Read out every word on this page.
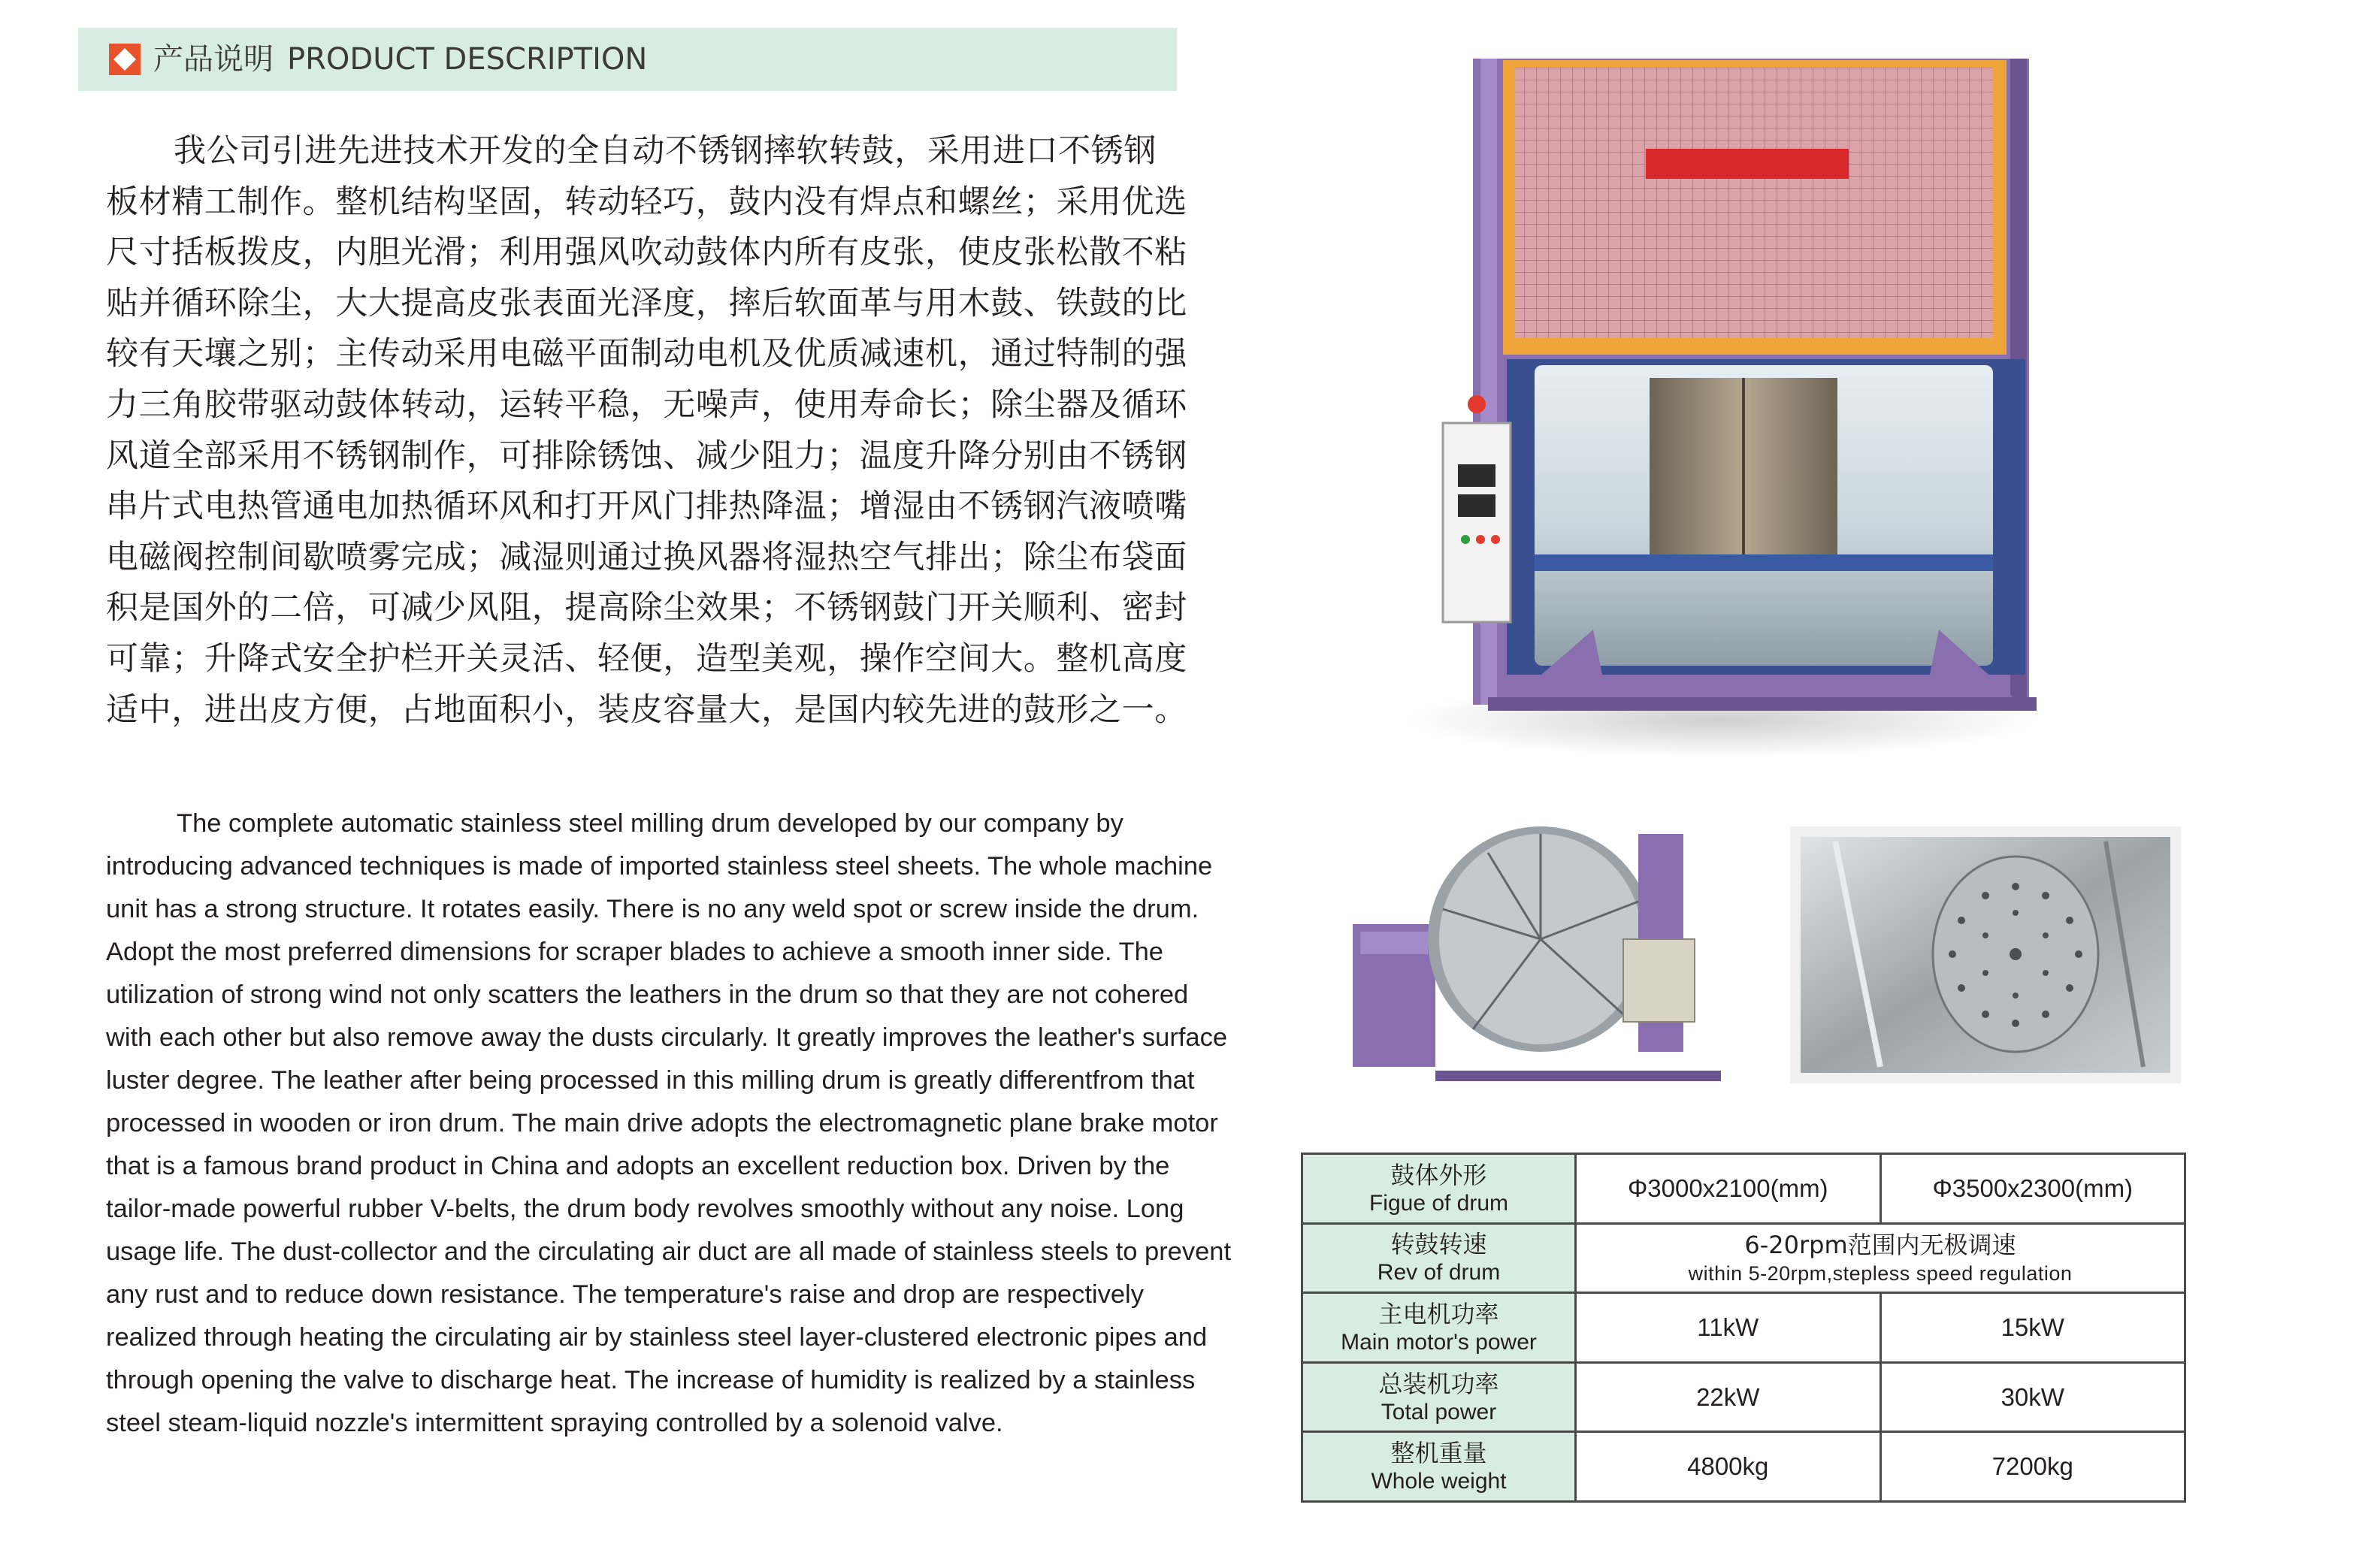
产品说明 PRODUCT DESCRIPTION

我公司引进先进技术开发的全自动不锈钢摔软转鼓，采用进口不锈钢板材精工制作。整机结构坚固，转动轻巧，鼓内没有焊点和螺丝；采用优选尺寸括板拨皮，内胆光滑；利用强风吹动鼓体内所有皮张，使皮张松散不粘贴并循环除尘，大大提高皮张表面光泽度，摔后软面革与用木鼓、铁鼓的比较有天壤之别；主传动采用电磁平面制动电机及优质减速机，通过特制的强力三角胶带驱动鼓体转动，运转平稳，无噪声，使用寿命长；除尘器及循环风道全部采用不锈钢制作，可排除锈蚀、减少阻力；温度升降分别由不锈钢串片式电热管通电加热循环风和打开风门排热降温；增湿由不锈钢汽液喷嘴电磁阀控制间歇喷雾完成；减湿则通过换风器将湿热空气排出；除尘布袋面积是国外的二倍，可减少风阻，提高除尘效果；不锈钢鼓门开关顺利、密封可靠；升降式安全护栏开关灵活、轻便，造型美观，操作空间大。整机高度适中，进出皮方便，占地面积小，装皮容量大，是国内较先进的鼓形之一。

The complete automatic stainless steel milling drum developed by our company by introducing advanced techniques is made of imported stainless steel sheets. The whole machine unit has a strong structure. It rotates easily. There is no any weld spot or screw inside the drum. Adopt the most preferred dimensions for scraper blades to achieve a smooth inner side. The utilization of strong wind not only scatters the leathers in the drum so that they are not cohered with each other but also remove away the dusts circularly. It greatly improves the leather's surface luster degree. The leather after being processed in this milling drum is greatly differentfrom that processed in wooden or iron drum. The main drive adopts the electromagnetic plane brake motor that is a famous brand product in China and adopts an excellent reduction box. Driven by the tailor-made powerful rubber V-belts, the drum body revolves smoothly without any noise. Long usage life. The dust-collector and the circulating air duct are all made of stainless steels to prevent any rust and to reduce down resistance. The temperature's raise and drop are respectively realized through heating the circulating air by stainless steel layer-clustered electronic pipes and through opening the valve to discharge heat. The increase of humidity is realized by a stainless steel steam-liquid nozzle's intermittent spraying controlled by a solenoid valve.

鼓体外形
Figue of drum	Φ3000x2100(mm)	Φ3500x2300(mm)

转鼓转速
Rev of drum	6-20rpm范围内无极调速
within 5-20rpm,stepless speed regulation	

主电机功率
Main motor's power	11kW	15kW

总装机功率
Total power	22kW	30kW

整机重量
Whole weight	4800kg	7200kg
